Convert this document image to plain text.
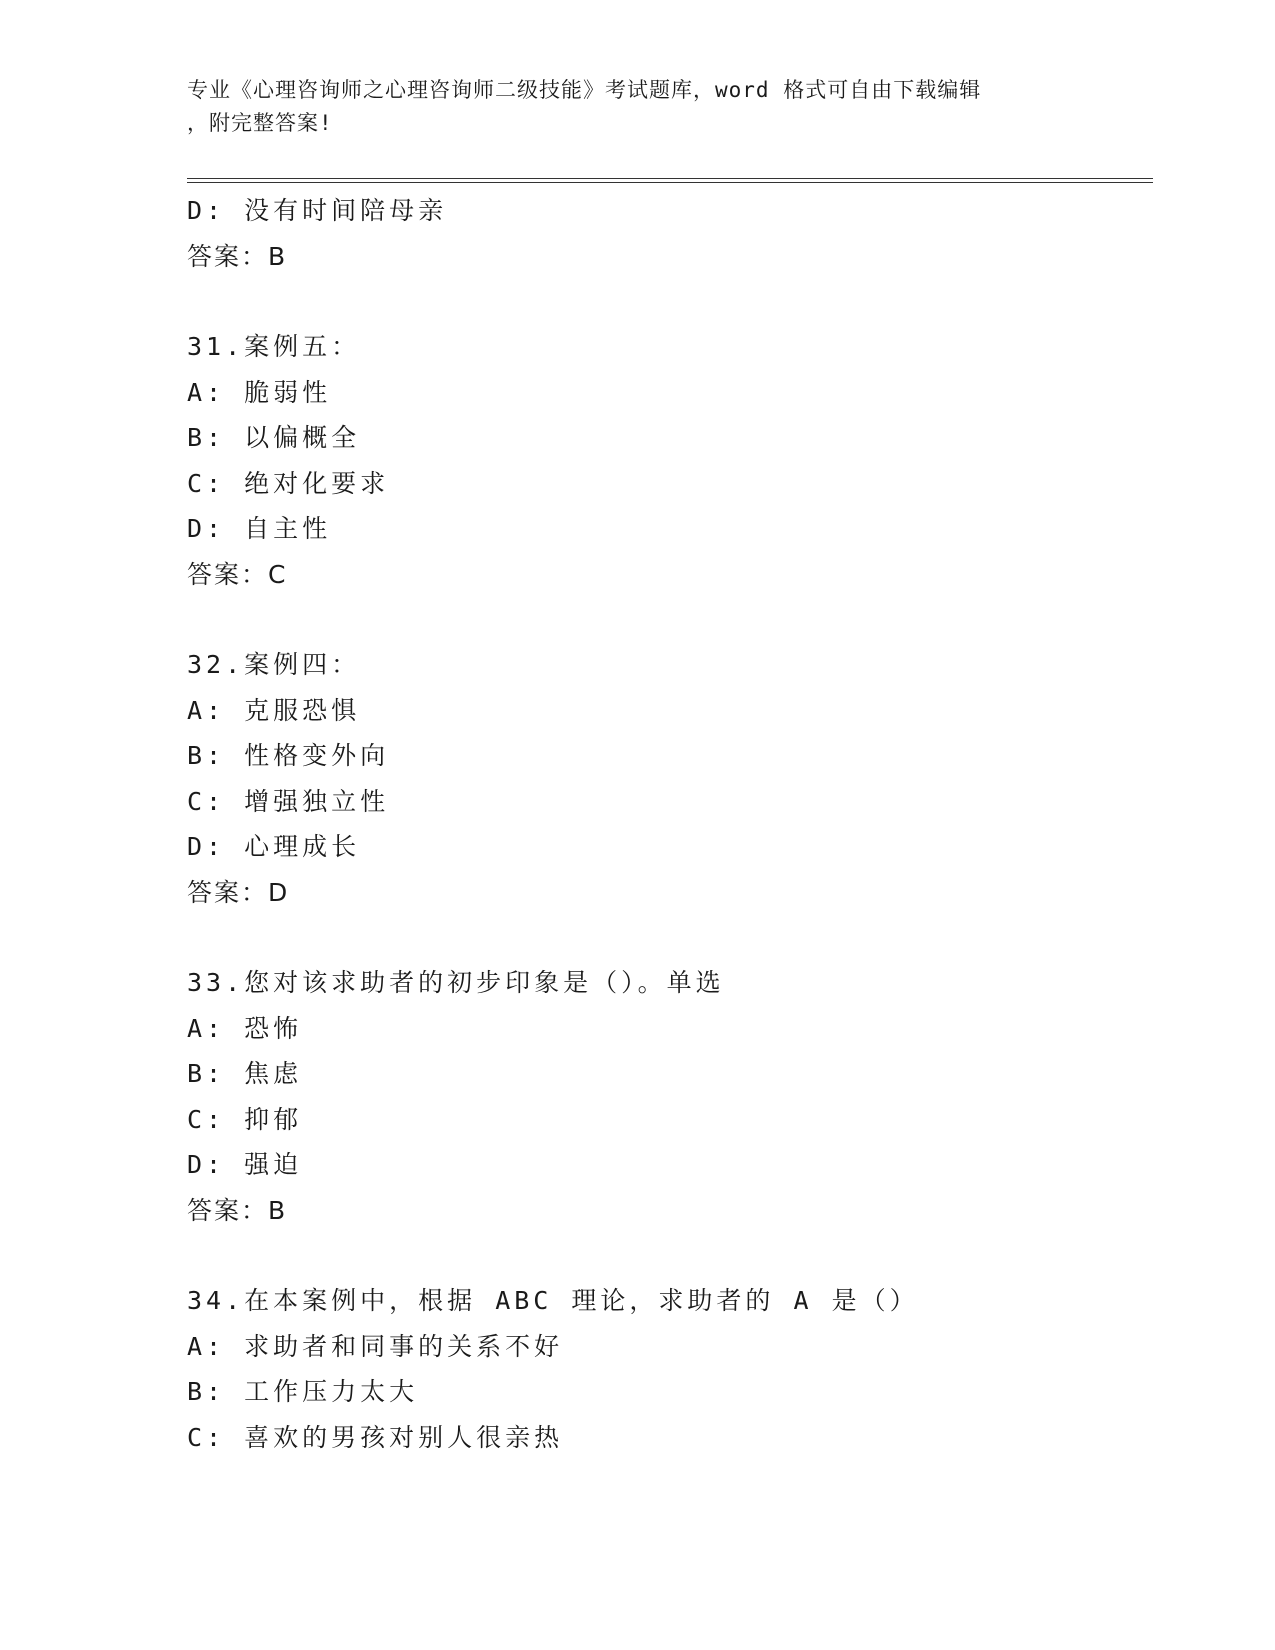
专业《心理咨询师之心理咨询师二级技能》考试题库，word 格式可自由下载编辑
，附完整答案!
D: 没有时间陪母亲
答案：B
31.案例五：
A: 脆弱性
B: 以偏概全
C: 绝对化要求
D: 自主性
答案：C
32.案例四：
A: 克服恐惧
B: 性格变外向
C: 增强独立性
D: 心理成长
答案：D
33.您对该求助者的初步印象是（）。单选
A: 恐怖
B: 焦虑
C: 抑郁
D: 强迫
答案：B
34.在本案例中，根据 ABC 理论，求助者的 A 是（）
A: 求助者和同事的关系不好
B: 工作压力太大
C: 喜欢的男孩对别人很亲热
